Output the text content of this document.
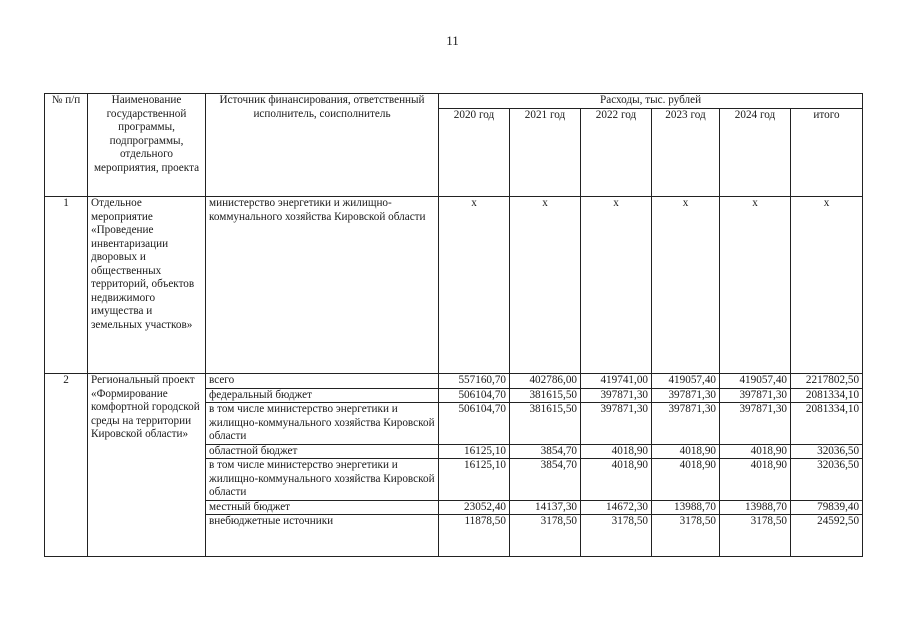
11
№ п/п	Наименование государственной программы, подпрограммы, отдельного мероприятия, проекта	Источник финансирования, ответственный исполнитель, соисполнитель	Расходы, тыс. рублей					
			2020 год	2021 год	2022 год	2023 год	2024 год	итого
1	Отдельное мероприятие «Проведение инвентаризации дворовых и общественных территорий, объектов недвижимого имущества и земельных участков»	министерство энергетики и жилищно-коммунального хозяйства Кировской области	x	x	x	x	x	x
2	Региональный проект «Формирование комфортной городской среды на территории Кировской области»	всего	557160,70	402786,00	419741,00	419057,40	419057,40	2217802,50
		федеральный бюджет	506104,70	381615,50	397871,30	397871,30	397871,30	2081334,10
		в том числе министерство энергетики и жилищно-коммунального хозяйства Кировской области	506104,70	381615,50	397871,30	397871,30	397871,30	2081334,10
		областной бюджет	16125,10	3854,70	4018,90	4018,90	4018,90	32036,50
		в том числе министерство энергетики и жилищно-коммунального хозяйства Кировской области	16125,10	3854,70	4018,90	4018,90	4018,90	32036,50
		местный бюджет	23052,40	14137,30	14672,30	13988,70	13988,70	79839,40
		внебюджетные источники	11878,50	3178,50	3178,50	3178,50	3178,50	24592,50
